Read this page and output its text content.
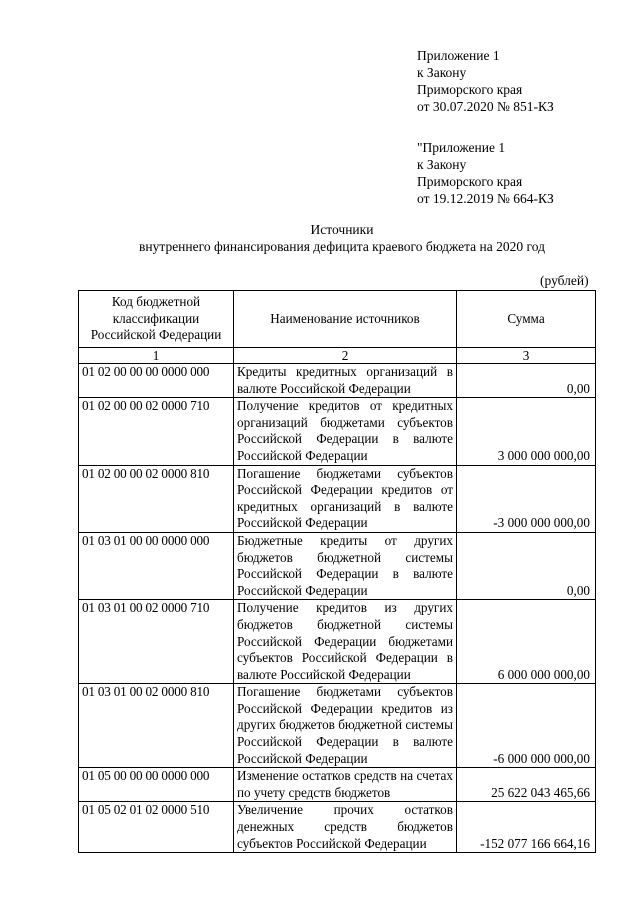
Приложение 1
к Закону
Приморского края
от 30.07.2020 № 851-КЗ
"Приложение 1
к Закону
Приморского края
от 19.12.2019 № 664-КЗ
Источники
внутреннего финансирования дефицита краевого бюджета на 2020 год
(рублей)
Код бюджетной классификации Российской Федерации	Наименование источников	Сумма
1	2	3
01 02 00 00 00 0000 000	Кредиты кредитных организаций в валюте Российской Федерации	0,00
01 02 00 00 02 0000 710	Получение кредитов от кредитных организаций бюджетами субъектов Российской Федерации в валюте Российской Федерации	3 000 000 000,00
01 02 00 00 02 0000 810	Погашение бюджетами субъектов Российской Федерации кредитов от кредитных организаций в валюте Российской Федерации	-3 000 000 000,00
01 03 01 00 00 0000 000	Бюджетные кредиты от других бюджетов бюджетной системы Российской Федерации в валюте Российской Федерации	0,00
01 03 01 00 02 0000 710	Получение кредитов из других бюджетов бюджетной системы Российской Федерации бюджетами субъектов Российской Федерации в валюте Российской Федерации	6 000 000 000,00
01 03 01 00 02 0000 810	Погашение бюджетами субъектов Российской Федерации кредитов из других бюджетов бюджетной системы Российской Федерации в валюте Российской Федерации	-6 000 000 000,00
01 05 00 00 00 0000 000	Изменение остатков средств на счетах по учету средств бюджетов	25 622 043 465,66
01 05 02 01 02 0000 510	Увеличение прочих остатков денежных средств бюджетов субъектов Российской Федерации	-152 077 166 664,16
